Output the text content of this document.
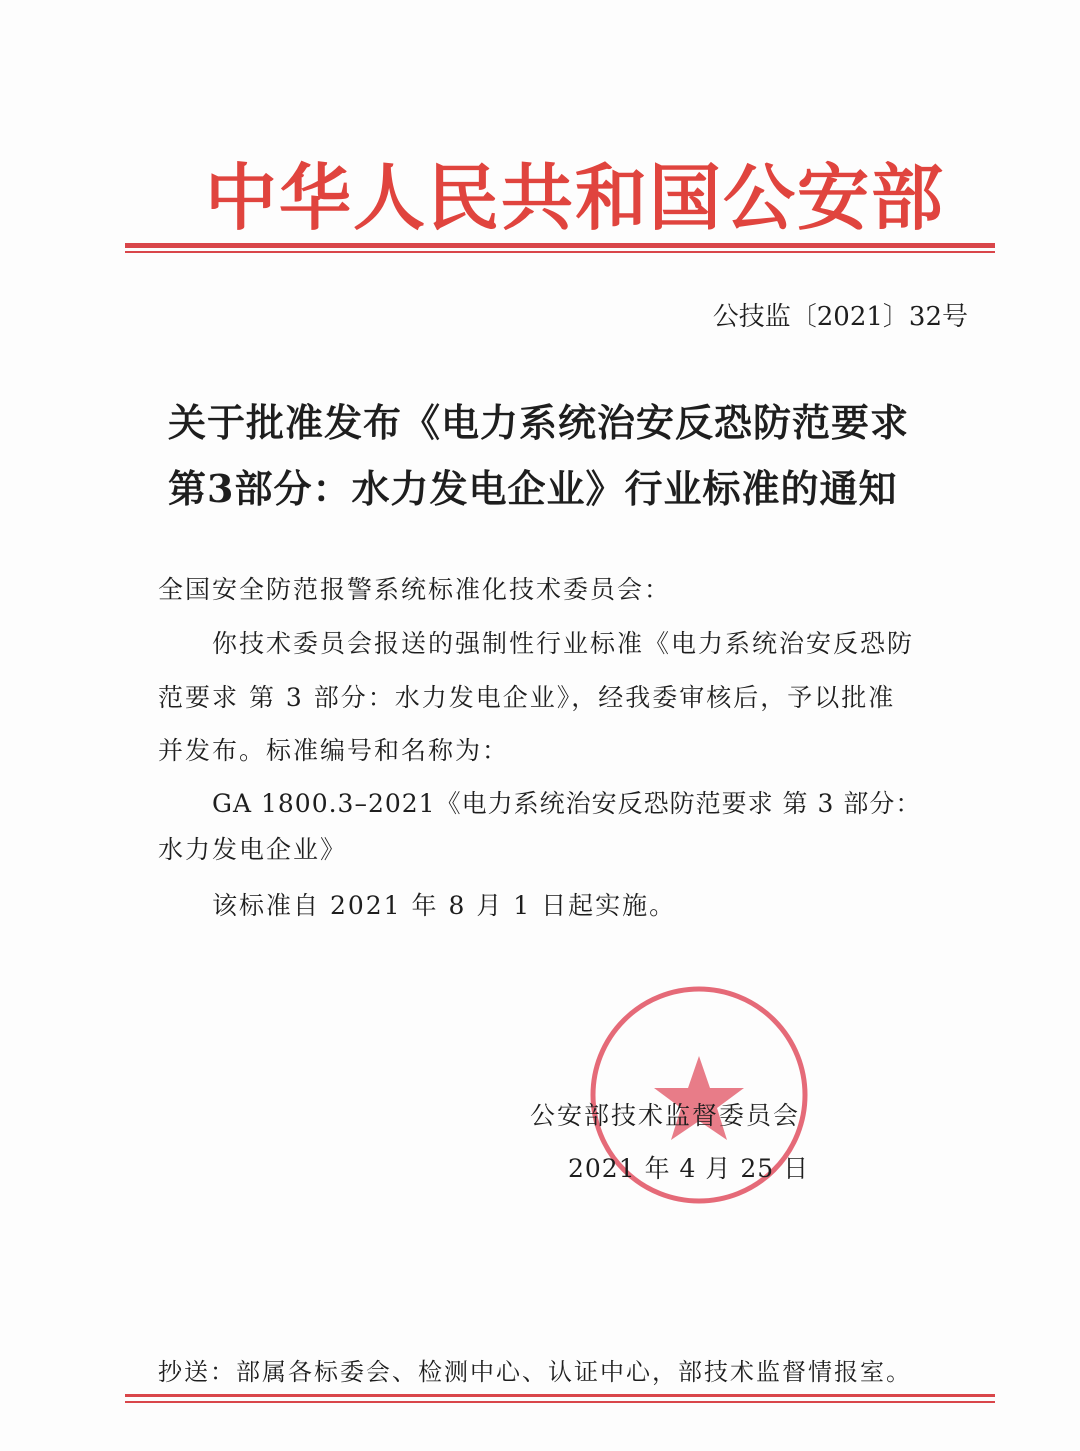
中华人民共和国公安部
公技监〔2021〕32号
关于批准发布《电力系统治安反恐防范要求
第3部分：水力发电企业》行业标准的通知
全国安全防范报警系统标准化技术委员会：
你技术委员会报送的强制性行业标准《电力系统治安反恐防
范要求 第 3 部分：水力发电企业》，经我委审核后，予以批准
并发布。标准编号和名称为：
GA 1800.3–2021《电力系统治安反恐防范要求 第 3 部分：
水力发电企业》
该标准自 2021 年 8 月 1 日起实施。
公安部技术监督委员会
2021 年 4 月 25 日
抄送：部属各标委会、检测中心、认证中心，部技术监督情报室。
